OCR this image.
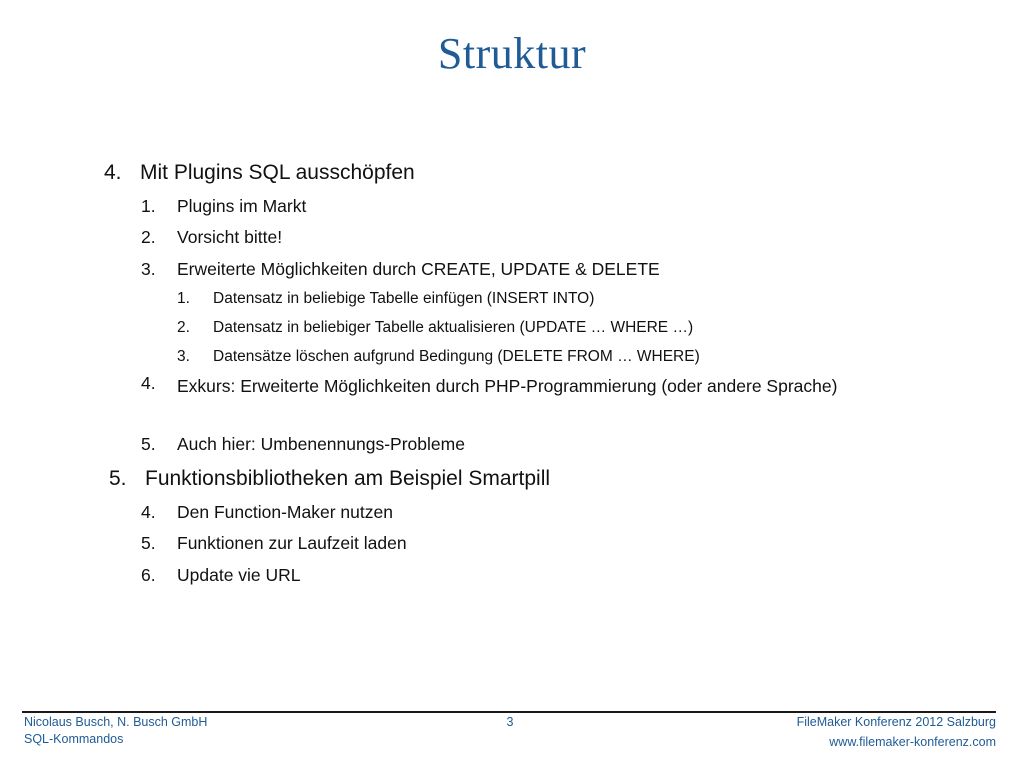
Struktur
4. Mit Plugins SQL ausschöpfen
1.	Plugins im Markt
2.	Vorsicht bitte!
3.	Erweiterte Möglichkeiten durch CREATE, UPDATE & DELETE
1.	Datensatz in beliebige Tabelle einfügen (INSERT INTO)
2.	Datensatz in beliebiger Tabelle aktualisieren (UPDATE … WHERE …)
3.	Datensätze löschen aufgrund Bedingung (DELETE FROM … WHERE)
4.	Exkurs: Erweiterte Möglichkeiten durch PHP-Programmierung (oder andere Sprache)
5.	Auch hier: Umbenennungs-Probleme
5. Funktionsbibliotheken am Beispiel Smartpill
4.	Den Function-Maker nutzen
5.	Funktionen zur Laufzeit laden
6.	Update vie URL
Nicolaus Busch, N. Busch GmbH
SQL-Kommandos
3	FileMaker Konferenz 2012 Salzburg
www.filemaker-konferenz.com
